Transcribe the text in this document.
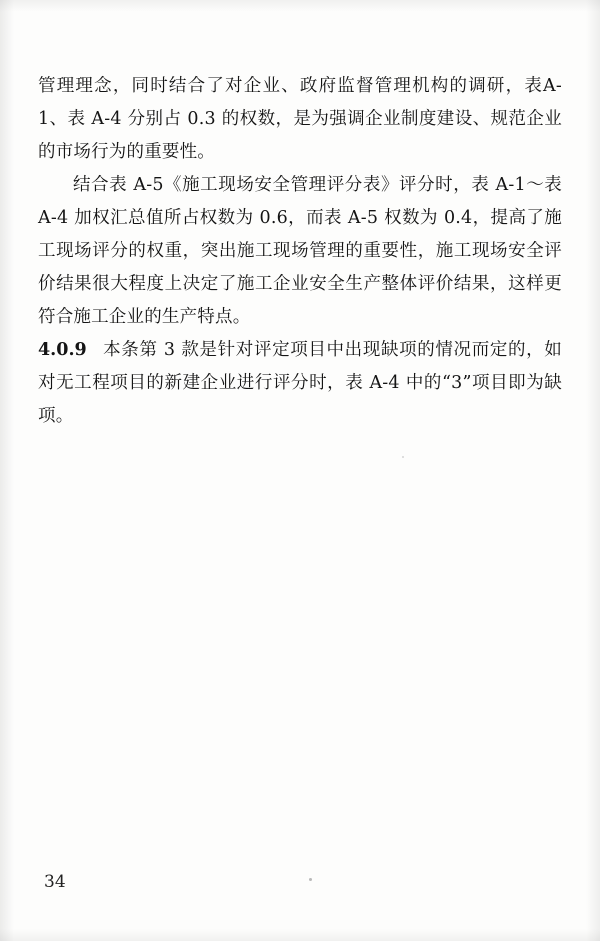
管理理念，同时结合了对企业、政府监督管理机构的调研，表A-1、表 A-4 分别占 0.3 的权数，是为强调企业制度建设、规范企业的市场行为的重要性。

结合表 A-5《施工现场安全管理评分表》评分时，表 A-1～表 A-4 加权汇总值所占权数为 0.6，而表 A-5 权数为 0.4，提高了施工现场评分的权重，突出施工现场管理的重要性，施工现场安全评价结果很大程度上决定了施工企业安全生产整体评价结果，这样更符合施工企业的生产特点。

4.0.9 本条第 3 款是针对评定项目中出现缺项的情况而定的，如对无工程项目的新建企业进行评分时，表 A-4 中的“3”项目即为缺项。

34
